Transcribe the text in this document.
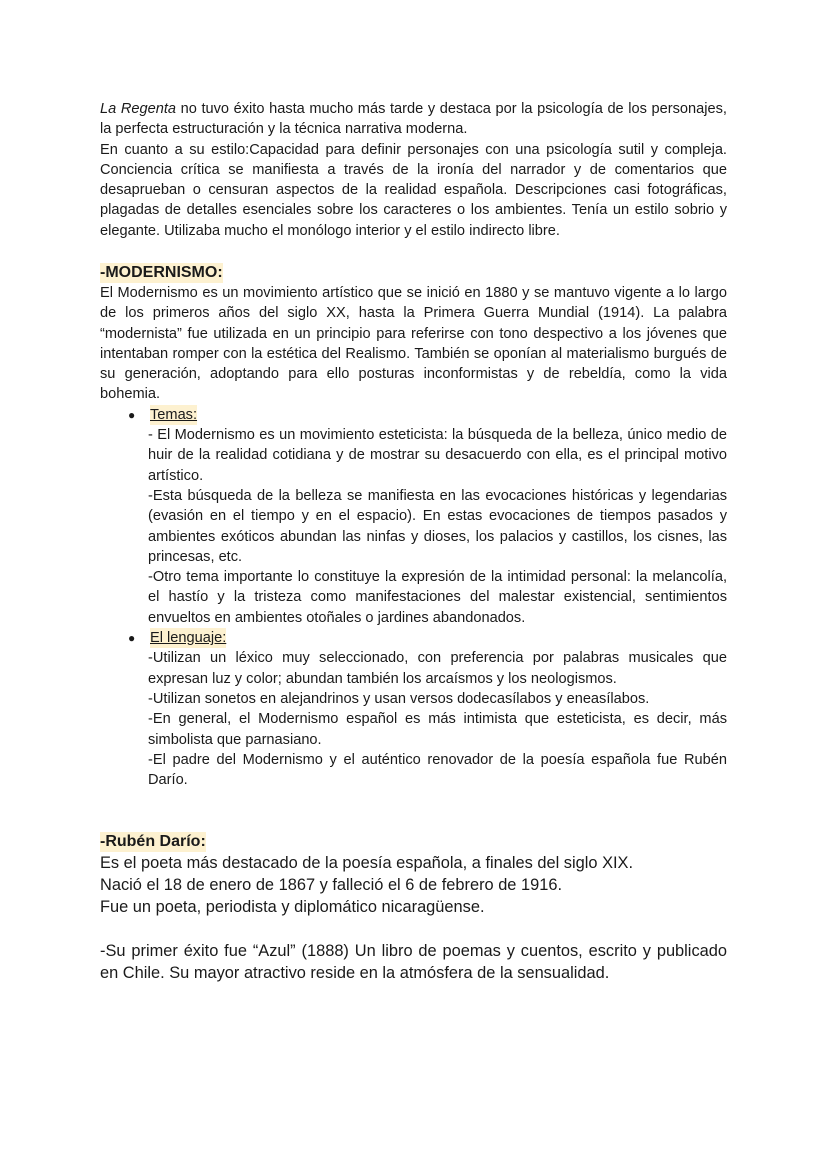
La Regenta no tuvo éxito hasta mucho más tarde y destaca por la psicología de los personajes, la perfecta estructuración y la técnica narrativa moderna.

En cuanto a su estilo:Capacidad para definir personajes con una psicología sutil y compleja. Conciencia crítica se manifiesta a través de la ironía del narrador y de comentarios que desaprueban o censuran aspectos de la realidad española. Descripciones casi fotográficas, plagadas de detalles esenciales sobre los caracteres o los ambientes. Tenía un estilo sobrio y elegante. Utilizaba mucho el monólogo interior y el estilo indirecto libre.

-MODERNISMO:

El Modernismo es un movimiento artístico que se inició en 1880 y se mantuvo vigente a lo largo de los primeros años del siglo XX, hasta la Primera Guerra Mundial (1914). La palabra “modernista” fue utilizada en un principio para referirse con tono despectivo a los jóvenes que intentaban romper con la estética del Realismo. También se oponían al materialismo burgués de su generación, adoptando para ello posturas inconformistas y de rebeldía, como la vida bohemia.

● Temas:

- El Modernismo es un movimiento esteticista: la búsqueda de la belleza, único medio de huir de la realidad cotidiana y de mostrar su desacuerdo con ella, es el principal motivo artístico.

-Esta búsqueda de la belleza se manifiesta en las evocaciones históricas y legendarias (evasión en el tiempo y en el espacio). En estas evocaciones de tiempos pasados y ambientes exóticos abundan las ninfas y dioses, los palacios y castillos, los cisnes, las princesas, etc.

-Otro tema importante lo constituye la expresión de la intimidad personal: la melancolía, el hastío y la tristeza como manifestaciones del malestar existencial, sentimientos envueltos en ambientes otoñales o jardines abandonados.

● El lenguaje:

-Utilizan un léxico muy seleccionado, con preferencia por palabras musicales que expresan luz y color; abundan también los arcaísmos y los neologismos.

-Utilizan sonetos en alejandrinos y usan versos dodecasílabos y eneasílabos.

-En general, el Modernismo español es más intimista que esteticista, es decir, más simbolista que parnasiano.

-El padre del Modernismo y el auténtico renovador de la poesía española fue Rubén Darío.

-Rubén Darío:

Es el poeta más destacado de la poesía española, a finales del siglo XIX.

Nació el 18 de enero de 1867 y falleció el 6 de febrero de 1916.

Fue un poeta, periodista y diplomático nicaragüense.

-Su primer éxito fue “Azul” (1888) Un libro de poemas y cuentos, escrito y publicado en Chile. Su mayor atractivo reside en la atmósfera de la sensualidad.
